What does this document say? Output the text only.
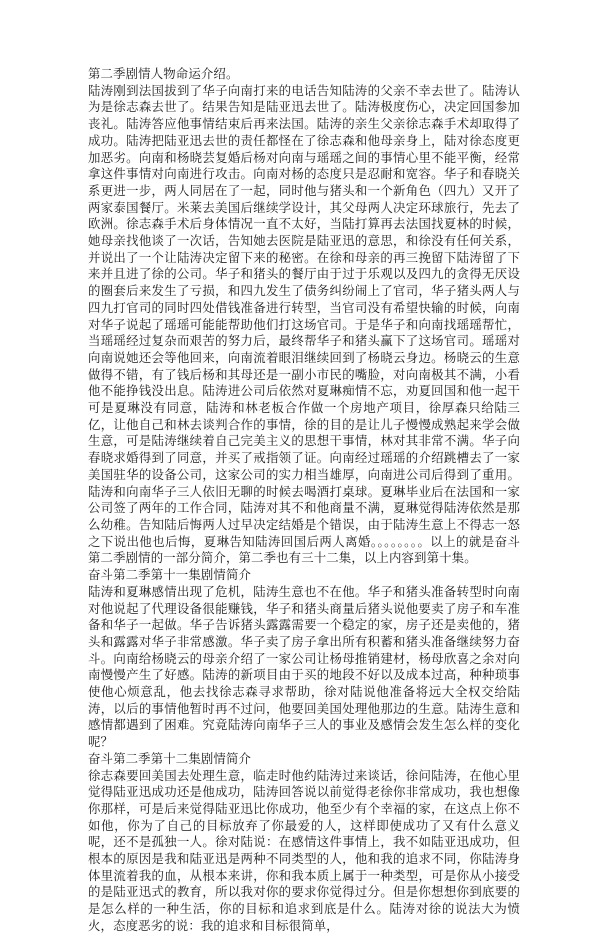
第二季剧情人物命运介绍。

陆涛刚到法国拔到了华子向南打来的电话告知陆涛的父亲不幸去世了。陆涛认为是徐志森去世了。结果告知是陆亚迅去世了。陆涛极度伤心，决定回国参加丧礼。陆涛答应他事情结束后再来法国。陆涛的亲生父亲徐志森手术却取得了成功。陆涛把陆亚迅去世的责任都怪在了徐志森和他母亲身上，陆对徐态度更加恶劣。向南和杨晓芸复婚后杨对向南与瑶瑶之间的事情心里不能平衡，经常拿这件事情对向南进行攻击。向南对杨的态度只是忍耐和宽容。华子和春晓关系更进一步，两人同居在了一起，同时他与猪头和一个新角色（四九）又开了两家泰国餐厅。米莱去美国后继续学设计，其父母两人决定环球旅行，先去了欧洲。徐志森手术后身体情况一直不太好，当陆打算再去法国找夏林的时候，她母亲找他谈了一次话，告知她去医院是陆亚迅的意思，和徐没有任何关系，并说出了一个让陆涛决定留下来的秘密。在徐和母亲的再三挽留下陆涛留了下来并且进了徐的公司。华子和猪头的餐厅由于过于乐观以及四九的贪得无厌设的圈套后来发生了亏损，和四九发生了债务纠纷闹上了官司，华子猪头两人与四九打官司的同时四处借钱准备进行转型，当官司没有希望快输的时候，向南对华子说起了瑶瑶可能能帮助他们打这场官司。于是华子和向南找瑶瑶帮忙，当瑶瑶经过复杂而艰苦的努力后，最终帮华子和猪头赢下了这场官司。瑶瑶对向南说她还会等他回来，向南流着眼泪继续回到了杨晓云身边。杨晓云的生意做得不错，有了钱后杨和其母还是一副小市民的嘴脸，对向南极其不满，小看他不能挣钱没出息。陆涛进公司后依然对夏琳痴情不忘，劝夏回国和他一起干可是夏琳没有同意，陆涛和林老板合作做一个房地产项目，徐厚森只给陆三亿，让他自己和林去谈判合作的事情，徐的目的是让儿子慢慢成熟起来学会做生意，可是陆涛继续着自己完美主义的思想干事情，林对其非常不满。华子向春晓求婚得到了同意，并买了戒指领了证。向南经过瑶瑶的介绍跳槽去了一家美国驻华的设备公司，这家公司的实力相当雄厚，向南进公司后得到了重用。陆涛和向南华子三人依旧无聊的时候去喝酒打桌球。夏琳毕业后在法国和一家公司签了两年的工作合同，陆涛对其不和他商量不满，夏琳觉得陆涛依然是那么幼稚。告知陆后悔两人过早决定结婚是个错误，由于陆涛生意上不得志一怒之下说出他也后悔，夏琳告知陆涛回国后两人离婚。。。。。。。。以上的就是奋斗第二季剧情的一部分简介，第二季也有三十二集，以上内容到第十集。

奋斗第二季第十一集剧情简介

陆涛和夏琳感情出现了危机，陆涛生意也不在他。华子和猪头准备转型时向南对他说起了代理设备很能赚钱，华子和猪头商量后猪头说他要卖了房子和车准备和华子一起做。华子告诉猪头露露需要一个稳定的家，房子还是卖他的，猪头和露露对华子非常感激。华子卖了房子拿出所有积蓄和猪头准备继续努力奋斗。向南给杨晓云的母亲介绍了一家公司让杨母推销建材，杨母欣喜之余对向南慢慢产生了好感。陆涛的新项目由于买的地段不好以及成本过高，种种琐事使他心烦意乱，他去找徐志森寻求帮助，徐对陆说他准备将远大全权交给陆涛，以后的事情他暂时再不过问，他要回美国处理他那边的生意。陆涛生意和感情都遇到了困难。究竟陆涛向南华子三人的事业及感情会发生怎么样的变化呢？

奋斗第二季第十二集剧情简介

徐志森要回美国去处理生意，临走时他约陆涛过来谈话，徐问陆涛，在他心里觉得陆亚迅成功还是他成功，陆涛回答说以前觉得老徐你非常成功，我也想像你那样，可是后来觉得陆亚迅比你成功，他至少有个幸福的家，在这点上你不如他，你为了自己的目标放弃了你最爱的人，这样即使成功了又有什么意义呢，还不是孤独一人。徐对陆说：在感情这件事情上，我不如陆亚迅成功，但根本的原因是我和陆亚迅是两种不同类型的人，他和我的追求不同，你陆涛身体里流着我的血，从根本来讲，你和我本质上属于一种类型，可是你从小接受的是陆亚迅式的教育，所以我对你的要求你觉得过分。但是你想想你到底要的是怎么样的一种生活，你的目标和追求到底是什么。陆涛对徐的说法大为愤火，态度恶劣的说：我的追求和目标很简单，
